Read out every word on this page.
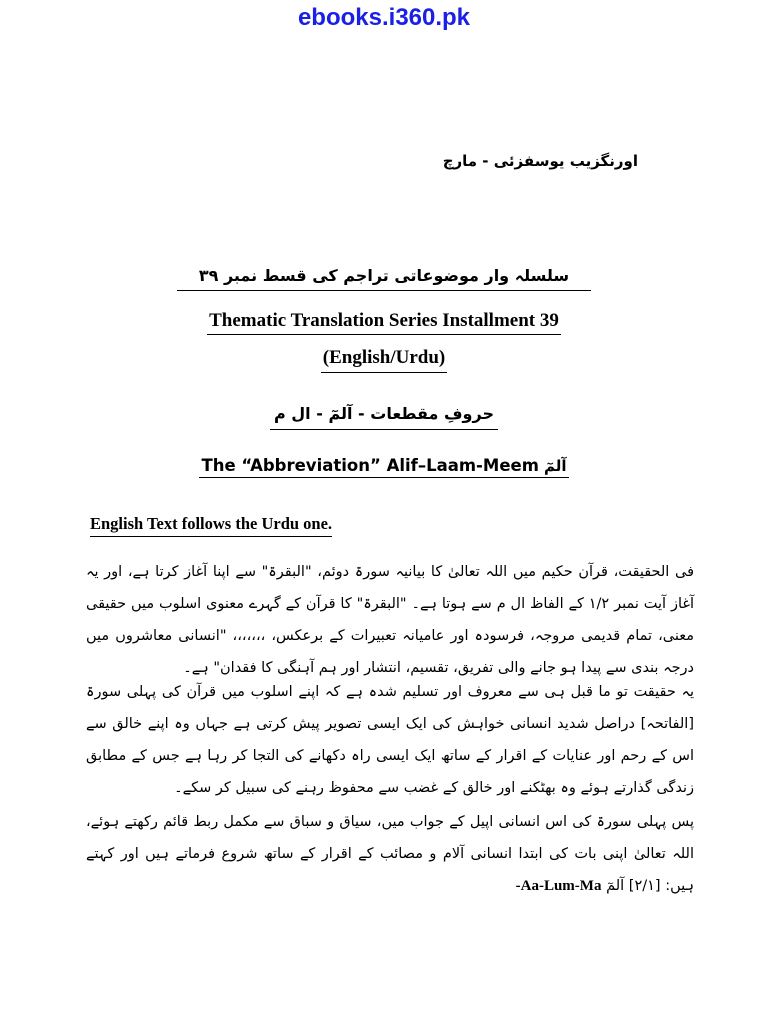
ebooks.i360.pk
اورنگزیب یوسفزئی - مارچ
سلسلہ وار موضوعاتی تراجم کی قسط نمبر ۳۹
Thematic Translation Series Installment 39
(English/Urdu)
حروفِ مقطعات - آلمٓ - ال م
The “Abbreviation” Alif–Laam-Meem آلمٓ
English Text follows the Urdu one.

فی الحقیقت، قرآن حکیم میں اللہ تعالیٰ کا بیانیہ سورۃ دوئم، "البقرۃ" سے اپنا آغاز کرتا ہے، اور یہ آغاز آیت نمبر ۱/۲ کے الفاظ ال م سے ہوتا ہے۔ "البقرۃ" کا قرآن کے گہرے معنوی اسلوب میں حقیقی معنی، تمام قدیمی مروجہ، فرسودہ اور عامیانہ تعبیرات کے برعکس، ،،،،،،، "انسانی معاشروں میں درجہ بندی سے پیدا ہو جانے والی تفریق، تقسیم، انتشار اور ہم آہنگی کا فقدان" ہے۔

یہ حقیقت تو ما قبل ہی سے معروف اور تسلیم شدہ ہے کہ اپنے اسلوب میں قرآن کی پہلی سورۃ [الفاتحہ] دراصل شدید انسانی خواہش کی ایک ایسی تصویر پیش کرتی ہے جہاں وہ اپنے خالق سے اس کے رحم اور عنایات کے اقرار کے ساتھ ایک ایسی راہ دکھانے کی التجا کر رہا ہے جس کے مطابق زندگی گذارتے ہوئے وہ بھٹکنے اور خالق کے غضب سے محفوظ رہنے کی سبیل کر سکے۔

پس پہلی سورۃ کی اس انسانی اپیل کے جواب میں، سیاق و سباق سے مکمل ربط قائم رکھتے ہوئے، اللہ تعالیٰ اپنی بات کی ابتدا انسانی آلام و مصائب کے اقرار کے ساتھ شروع فرماتے ہیں اور کہتے ہیں: [۲/۱] آلمٓ -Aa-Lum-Ma
